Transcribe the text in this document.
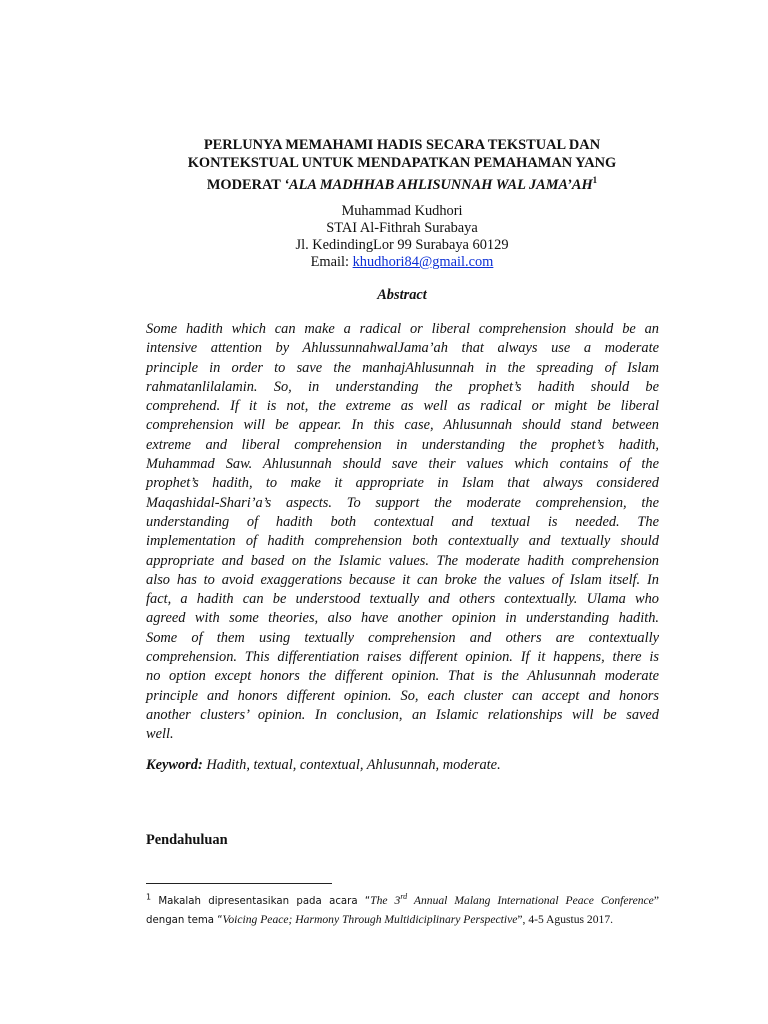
PERLUNYA MEMAHAMI HADIS SECARA TEKSTUAL DAN
KONTEKSTUAL UNTUK MENDAPATKAN PEMAHAMAN YANG
MODERAT ‘ALA MADHHAB AHLISUNNAH WAL $JAMA’AH^1$
Muhammad Kudhori
STAI Al-Fithrah Surabaya
Jl. KedindingLor 99 Surabaya 60129
Email: khudhori84@gmail.com
Abstract
Some hadith which can make a radical or liberal comprehension should be an
intensive attention by AhlussunnahwalJama’ah that always use a moderate
principle in order to save the manhajAhlusunnah in the spreading of Islam
rahmatanlilalamin. So, in understanding the prophet’s hadith should be
comprehend. If it is not, the extreme as well as radical or might be liberal
comprehension will be appear. In this case, Ahlusunnah should stand between
extreme and liberal comprehension in understanding the prophet’s hadith,
Muhammad Saw. Ahlusunnah should save their values which contains of the
prophet’s hadith, to make it appropriate in Islam that always considered
Maqashidal-Shari’a’s aspects. To support the moderate comprehension, the
understanding of hadith both contextual and textual is needed. The
implementation of hadith comprehension both contextually and textually should
appropriate and based on the Islamic values. The moderate hadith comprehension
also has to avoid exaggerations because it can broke the values of Islam itself. In
fact, a hadith can be understood textually and others contextually. Ulama who
agreed with some theories, also have another opinion in understanding hadith.
Some of them using textually comprehension and others are contextually
comprehension. This differentiation raises different opinion. If it happens, there is
no option except honors the different opinion. That is the Ahlusunnah moderate
principle and honors different opinion. So, each cluster can accept and honors
another clusters’ opinion. In conclusion, an Islamic relationships will be saved
well.
Keyword: Hadith, textual, contextual, Ahlusunnah, moderate.
Pendahuluan
$^1$ Makalah dipresentasikan pada acara “The 3rd Annual Malang International Peace Conference”
dengan tema “Voicing Peace; Harmony Through Multidiciplinary Perspective”, 4-5 Agustus 2017.
